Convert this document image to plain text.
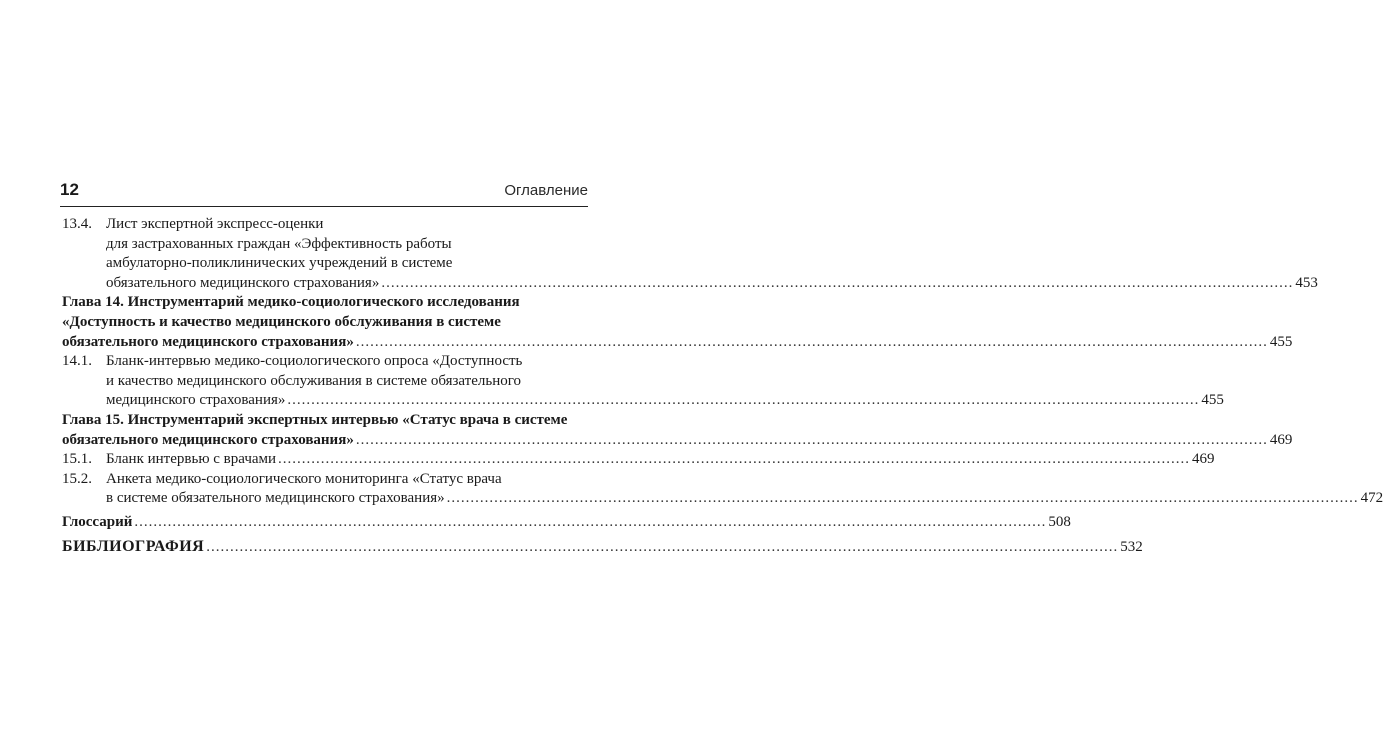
12	Оглавление
13.4. Лист экспертной экспресс-оценки
для застрахованных граждан «Эффективность работы
амбулаторно-поликлинических учреждений в системе
обязательного медицинского страхования» ................................................................................................................................................................................................ 453
Глава 14. Инструментарий медико-социологического исследования
«Доступность и качество медицинского обслуживания в системе
обязательного медицинского страхования» ................................................................................................................................................................................................ 455
14.1. Бланк-интервью медико-социологического опроса «Доступность
и качество медицинского обслуживания в системе обязательного
медицинского страхования» ................................................................................................................................................................................................ 455
Глава 15. Инструментарий экспертных интервью «Статус врача в системе
обязательного медицинского страхования» ................................................................................................................................................................................................ 469
15.1. Бланк интервью с врачами ................................................................................................................................................................................................ 469
15.2. Анкета медико-социологического мониторинга «Статус врача
в системе обязательного медицинского страхования» ................................................................................................................................................................................................ 472
Глоссарий ................................................................................................................................................................................................ 508
БИБЛИОГРАФИЯ ................................................................................................................................................................................................ 532
